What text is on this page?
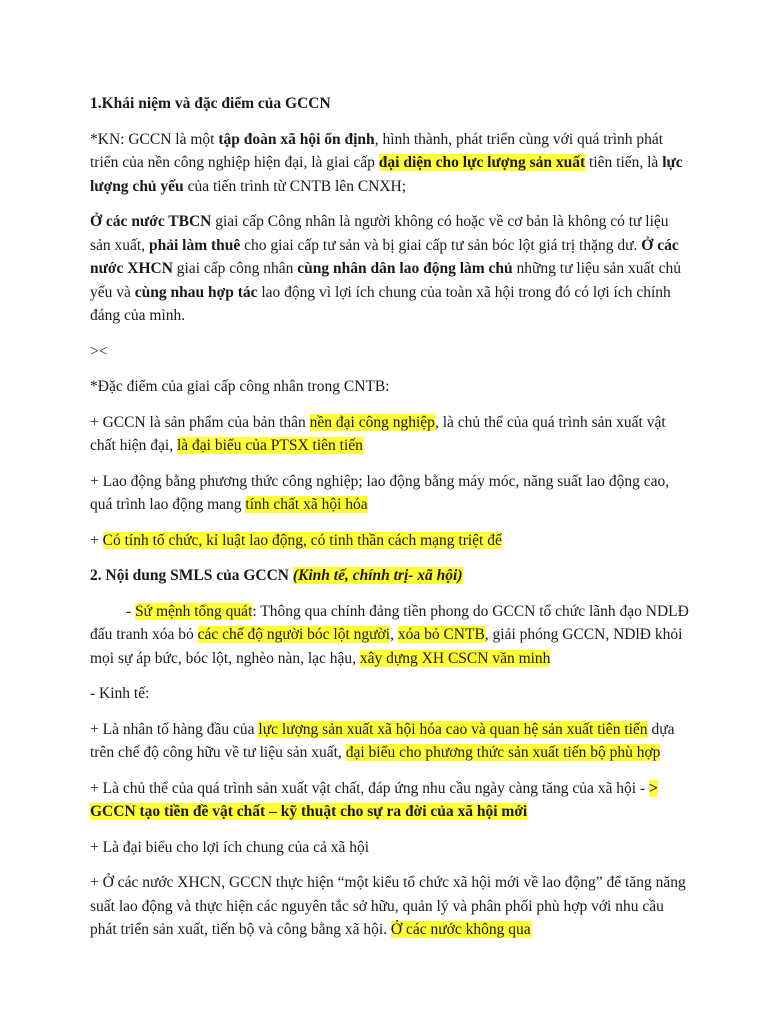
1.Khái niệm và đặc điểm của GCCN

*KN: GCCN là một tập đoàn xã hội ổn định, hình thành, phát triển cùng với quá trình phát triển của nền công nghiệp hiện đại, là giai cấp đại diện cho lực lượng sản xuất tiên tiến, là lực lượng chủ yếu của tiến trình từ CNTB lên CNXH;

Ở các nước TBCN giai cấp Công nhân là người không có hoặc về cơ bản là không có tư liệu sản xuất, phải làm thuê cho giai cấp tư sản và bị giai cấp tư sản bóc lột giá trị thặng dư. Ở các nước XHCN giai cấp công nhân cùng nhân dân lao động làm chủ những tư liệu sản xuất chủ yếu và cùng nhau hợp tác lao động vì lợi ích chung của toàn xã hội trong đó có lợi ích chính đáng của mình.

><

*Đặc điểm của giai cấp công nhân trong CNTB:

+ GCCN là sản phẩm của bản thân nền đại công nghiệp, là chủ thể của quá trình sản xuất vật chất hiện đại, là đại biểu của PTSX tiên tiến

+ Lao động bằng phương thức công nghiệp; lao động bằng máy móc, năng suất lao động cao, quá trình lao động mang tính chất xã hội hóa

+ Có tính tổ chức, kỉ luật lao động, có tinh thần cách mạng triệt để

2. Nội dung SMLS của GCCN (Kinh tế, chính trị- xã hội)

- Sứ mệnh tổng quát: Thông qua chính đảng tiền phong do GCCN tổ chức lãnh đạo NDLĐ đấu tranh xóa bỏ các chế độ người bóc lột người, xóa bỏ CNTB, giải phóng GCCN, NDlĐ khỏi mọi sự áp bức, bóc lột, nghèo nàn, lạc hậu, xây dựng XH CSCN văn minh

- Kinh tế:

+ Là nhân tố hàng đầu của lực lượng sản xuất xã hội hóa cao và quan hệ sản xuất tiên tiến dựa trên chế độ công hữu về tư liệu sản xuất, đại biểu cho phương thức sản xuất tiến bộ phù hợp

+ Là chủ thể của quá trình sản xuất vật chất, đáp ứng nhu cầu ngày càng tăng của xã hội - > GCCN tạo tiền đề vật chất – kỹ thuật cho sự ra đời của xã hội mới

+ Là đại biểu cho lợi ích chung của cả xã hội

+ Ở các nước XHCN, GCCN thực hiện “một kiểu tổ chức xã hội mới về lao động” để tăng năng suất lao động và thực hiện các nguyên tắc sở hữu, quản lý và phân phối phù hợp với nhu cầu phát triển sản xuất, tiến bộ và công bằng xã hội. Ở các nước không qua
